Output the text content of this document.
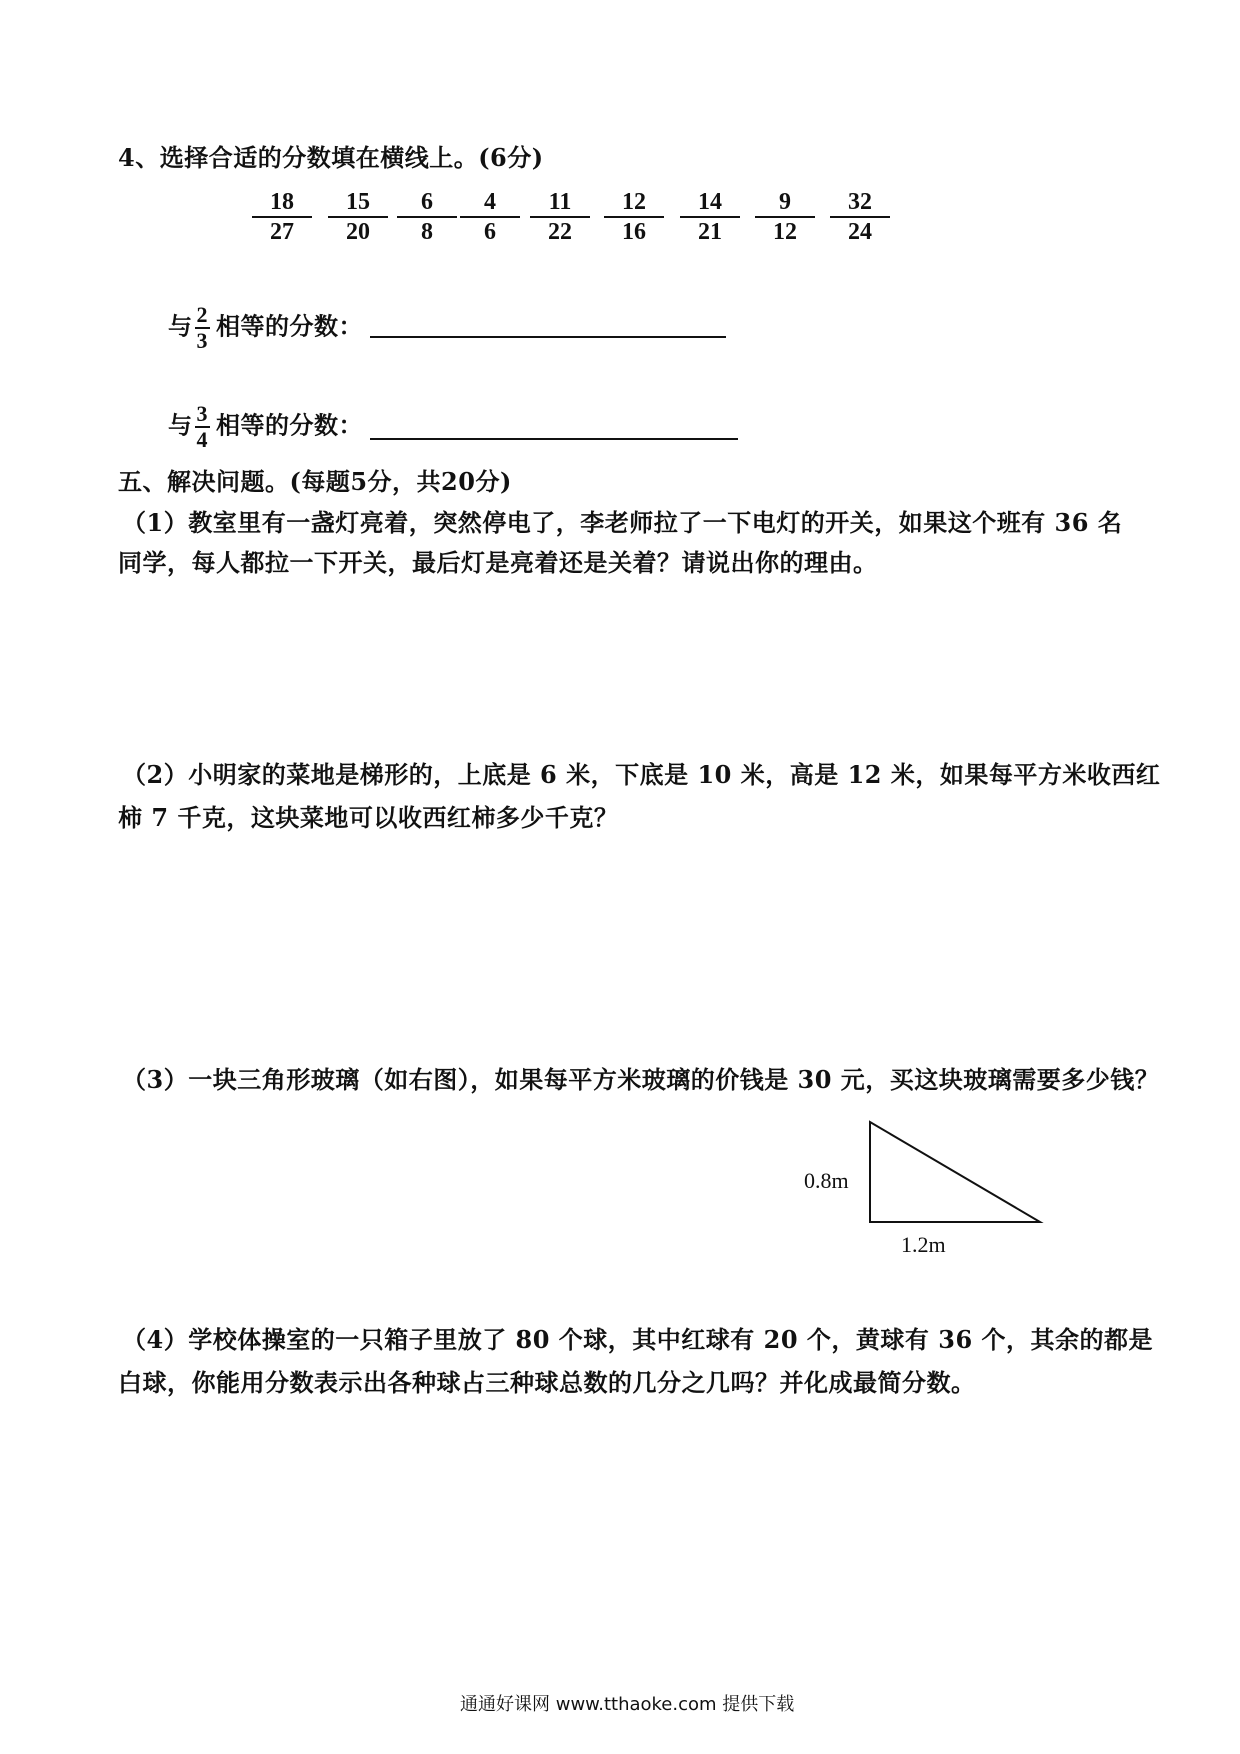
4、选择合适的分数填在横线上。(6分)
$\frac{18}{27} \frac{15}{20} \frac{6}{8} \frac{4}{6} \frac{11}{22} \frac{12}{16} \frac{14}{21} \frac{9}{12} \frac{32}{24}$
与 $\frac{2}{3}$ 相等的分数：
与 $\frac{3}{4}$ 相等的分数：
五、解决问题。(每题5分，共20分)
（1）教室里有一盏灯亮着，突然停电了，李老师拉了一下电灯的开关，如果这个班有 36 名
同学，每人都拉一下开关，最后灯是亮着还是关着？请说出你的理由。
（2）小明家的菜地是梯形的，上底是 6 米，下底是 10 米，高是 12 米，如果每平方米收西红
柿 7 千克，这块菜地可以收西红柿多少千克？
（3）一块三角形玻璃（如右图），如果每平方米玻璃的价钱是 30 元，买这块玻璃需要多少钱？
0.8m
1.2m
（4）学校体操室的一只箱子里放了 80 个球，其中红球有 20 个，黄球有 36 个，其余的都是
白球，你能用分数表示出各种球占三种球总数的几分之几吗？并化成最简分数。
通通好课网 www.tthaoke.com 提供下载
